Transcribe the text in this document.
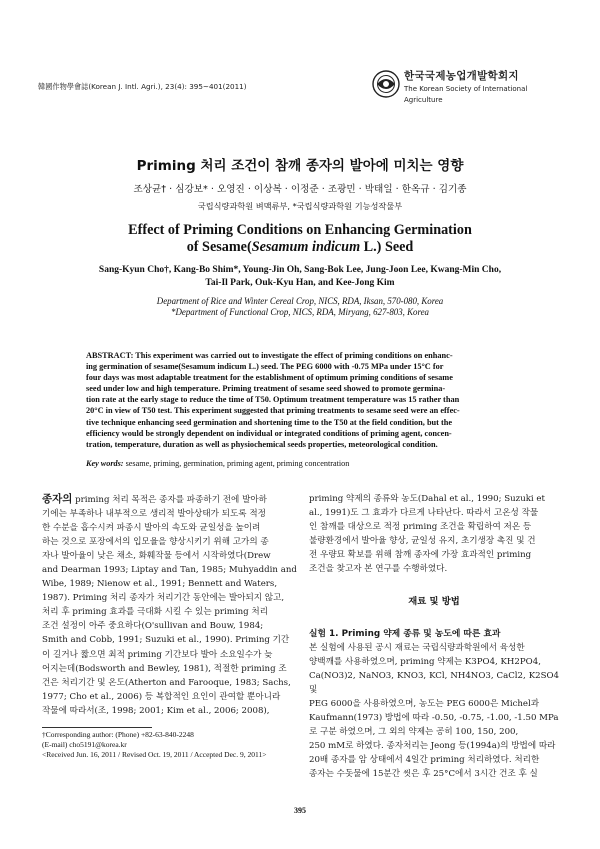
韓國作物學會誌(Korean J. Intl. Agri.), 23(4): 395~401(2011)
한국국제농업개발학회지
The Korean Society of International
Agriculture
Priming 처리 조건이 참깨 종자의 발아에 미치는 영향
조상균† · 심강보* · 오영진 · 이상복 · 이정준 · 조광민 · 박태일 · 한옥규 · 김기종
국립식량과학원 벼맥류부, *국립식량과학원 기능성작물부
Effect of Priming Conditions on Enhancing Germination
of Sesame(Sesamum indicum L.) Seed
Sang-Kyun Cho†, Kang-Bo Shim*, Young-Jin Oh, Sang-Bok Lee, Jung-Joon Lee, Kwang-Min Cho,
Tai-Il Park, Ouk-Kyu Han, and Kee-Jong Kim
Department of Rice and Winter Cereal Crop, NICS, RDA, Iksan, 570-080, Korea
*Department of Functional Crop, NICS, RDA, Miryang, 627-803, Korea
ABSTRACT: This experiment was carried out to investigate the effect of priming conditions on enhanc-
ing germination of sesame(Sesamum indicum L.) seed. The PEG 6000 with -0.75 MPa under 15°C for
four days was most adaptable treatment for the establishment of optimum priming conditions of sesame
seed under low and high temperature. Priming treatment of sesame seed showed to promote germina-
tion rate at the early stage to reduce the time of T50. Optimum treatment temperature was 15 rather than
20°C in view of T50 test. This experiment suggested that priming treatments to sesame seed were an effec-
tive technique enhancing seed germination and shortening time to the T50 at the field condition, but the
efficiency would be strongly dependent on individual or integrated conditions of priming agent, concen-
tration, temperature, duration as well as physiochemical seeds properties, meteorological condition.
Key words: sesame, priming, germination, priming agent, priming concentration

종자의 priming 처리 목적은 종자를 파종하기 전에 발아하

기에는 부족하나 내부적으로 생리적 발아상태가 되도록 적정

한 수분을 흡수시켜 파종시 발아의 속도와 균일성을 높이려

하는 것으로 포장에서의 입모율을 향상시키기 위해 고가의 종

자나 발아율이 낮은 채소, 화훼작물 등에서 시작하였다(Drew

and Dearman 1993; Liptay and Tan, 1985; Muhyaddin and

Wibe, 1989; Nienow et al., 1991; Bennett and Waters,

1987). Priming 처리 종자가 처리기간 동안에는 발아되지 않고,

처리 후 priming 효과를 극대화 시킬 수 있는 priming 처리

조건 설정이 아주 중요하다(O'sullivan and Bouw, 1984;

Smith and Cobb, 1991; Suzuki et al., 1990). Priming 기간

이 길거나 짧으면 최적 priming 기간보다 발아 소요일수가 늦

어지는데(Bodsworth and Bewley, 1981), 적절한 priming 조

건은 처리기간 및 온도(Atherton and Farooque, 1983; Sachs,

1977; Cho et al., 2006) 등 복합적인 요인이 관여할 뿐아니라

작물에 따라서(조, 1998; 2001; Kim et al., 2006; 2008),

priming 약제의 종류와 농도(Dahal et al., 1990; Suzuki et

al., 1991)도 그 효과가 다르게 나타난다. 따라서 고온성 작물

인 참깨를 대상으로 적정 priming 조건을 확립하여 저온 등

불량환경에서 발아율 향상, 균일성 유지, 초기생장 촉진 및 건

전 우량묘 확보를 위해 참깨 종자에 가장 효과적인 priming

조건을 찾고자 본 연구를 수행하였다.

재료 및 방법

실험 1. Priming 약제 종류 및 농도에 따른 효과

본 실험에 사용된 공시 재료는 국립식량과학원에서 육성한

양백깨를 사용하였으며, priming 약제는 K3PO4, KH2PO4,

Ca(NO3)2, NaNO3, KNO3, KCl, NH4NO3, CaCl2, K2SO4 및

PEG 6000을 사용하였으며, 농도는 PEG 6000은 Michel과

Kaufmann(1973) 방법에 따라 -0.50, -0.75, -1.00, -1.50 MPa

로 구분 하였으며, 그 외의 약제는 공히 100, 150, 200,

250 mM로 하였다. 종자처리는 Jeong 등(1994a)의 방법에 따라

20배 종자를 암 상태에서 4일간 priming 처리하였다. 처리한

종자는 수돗물에 15분간 씻은 후 25°C에서 3시간 건조 후 실

†Corresponding author: (Phone) +82-63-840-2248
(E-mail) cho5191@korea.kr
<Received Jun. 16, 2011 / Revised Oct. 19, 2011 / Accepted Dec. 9, 2011>
395
